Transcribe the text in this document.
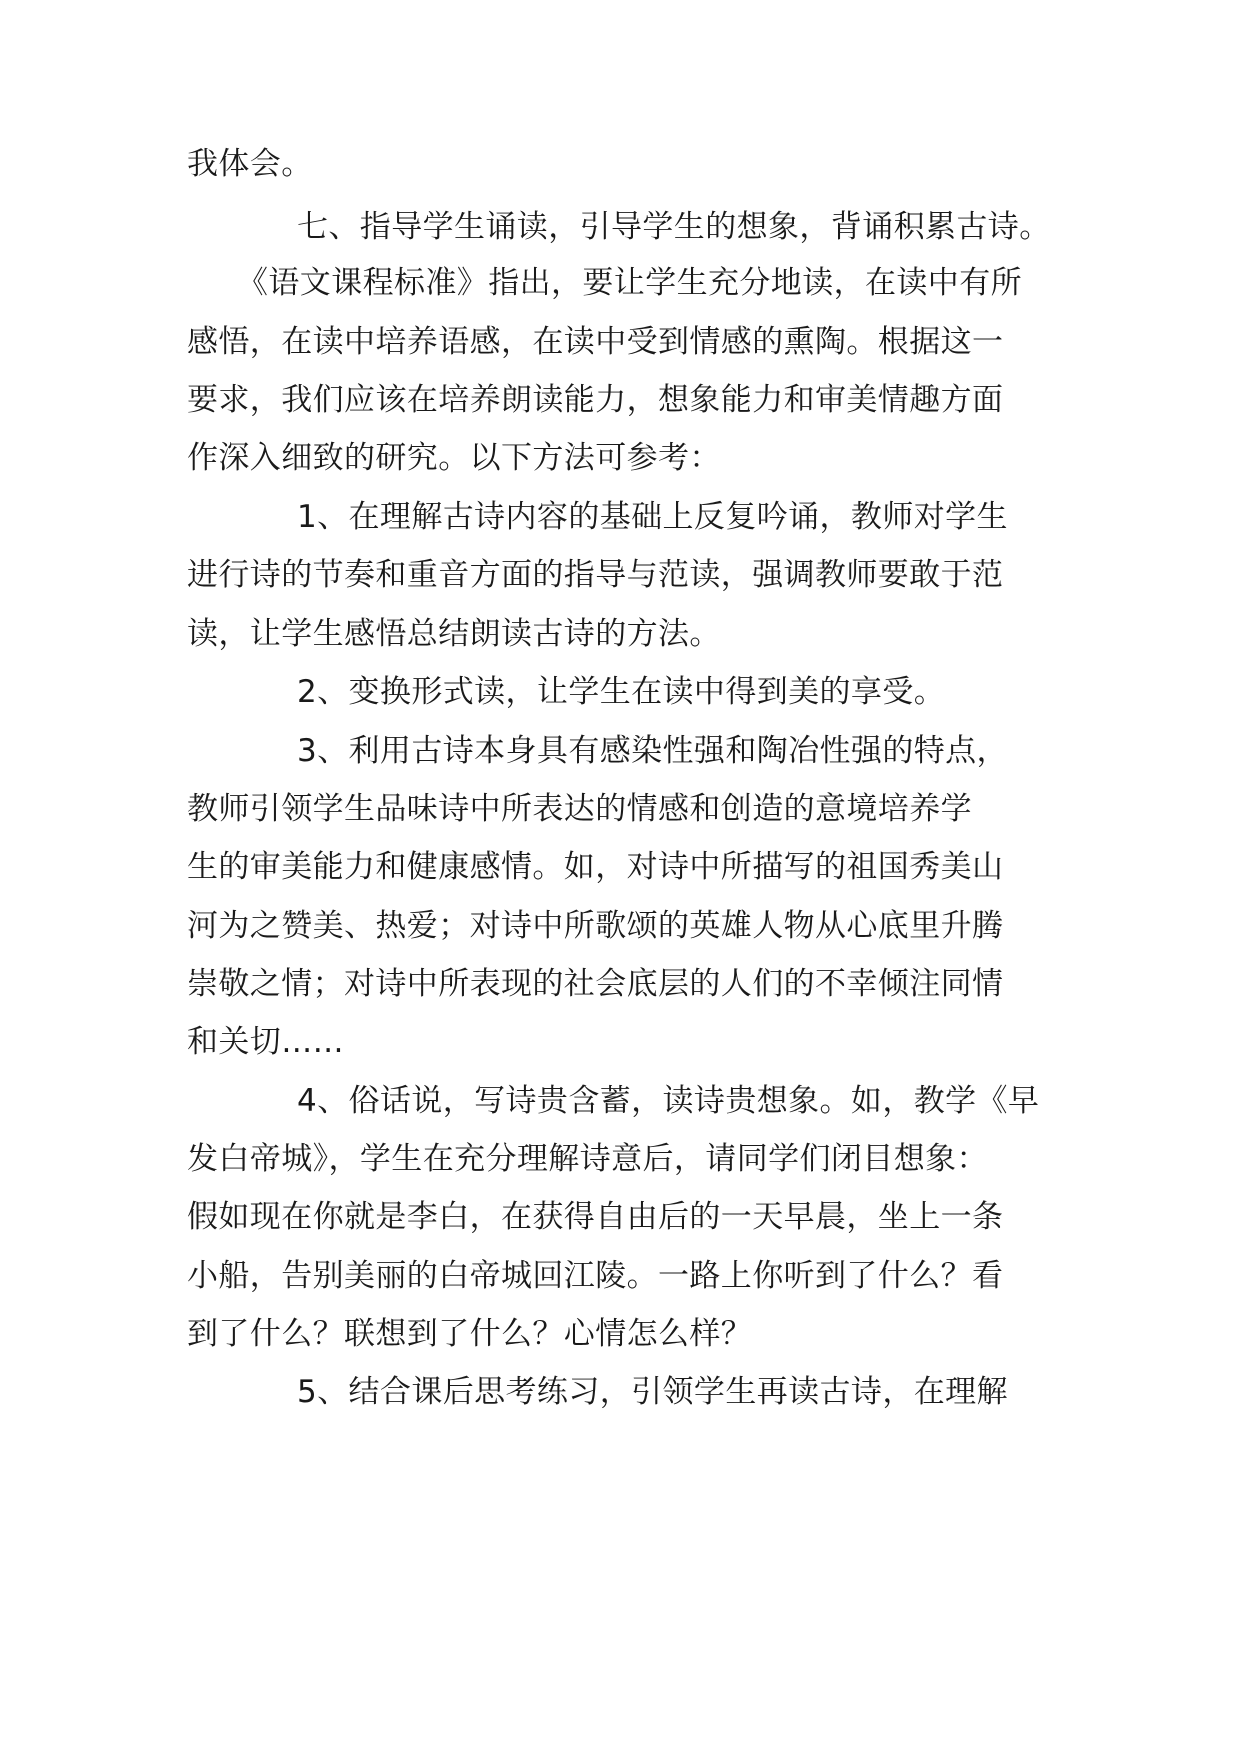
我体会。
七、指导学生诵读，引导学生的想象，背诵积累古诗。
《语文课程标准》指出，要让学生充分地读，在读中有所
感悟，在读中培养语感，在读中受到情感的熏陶。根据这一
要求，我们应该在培养朗读能力，想象能力和审美情趣方面
作深入细致的研究。以下方法可参考：
1、在理解古诗内容的基础上反复吟诵，教师对学生
进行诗的节奏和重音方面的指导与范读，强调教师要敢于范
读，让学生感悟总结朗读古诗的方法。
2、变换形式读，让学生在读中得到美的享受。
3、利用古诗本身具有感染性强和陶冶性强的特点，
教师引领学生品味诗中所表达的情感和创造的意境培养学
生的审美能力和健康感情。如，对诗中所描写的祖国秀美山
河为之赞美、热爱；对诗中所歌颂的英雄人物从心底里升腾
崇敬之情；对诗中所表现的社会底层的人们的不幸倾注同情
和关切……
4、俗话说，写诗贵含蓄，读诗贵想象。如，教学《早
发白帝城》，学生在充分理解诗意后，请同学们闭目想象：
假如现在你就是李白，在获得自由后的一天早晨，坐上一条
小船，告别美丽的白帝城回江陵。一路上你听到了什么？看
到了什么？联想到了什么？心情怎么样？
5、结合课后思考练习，引领学生再读古诗，在理解
